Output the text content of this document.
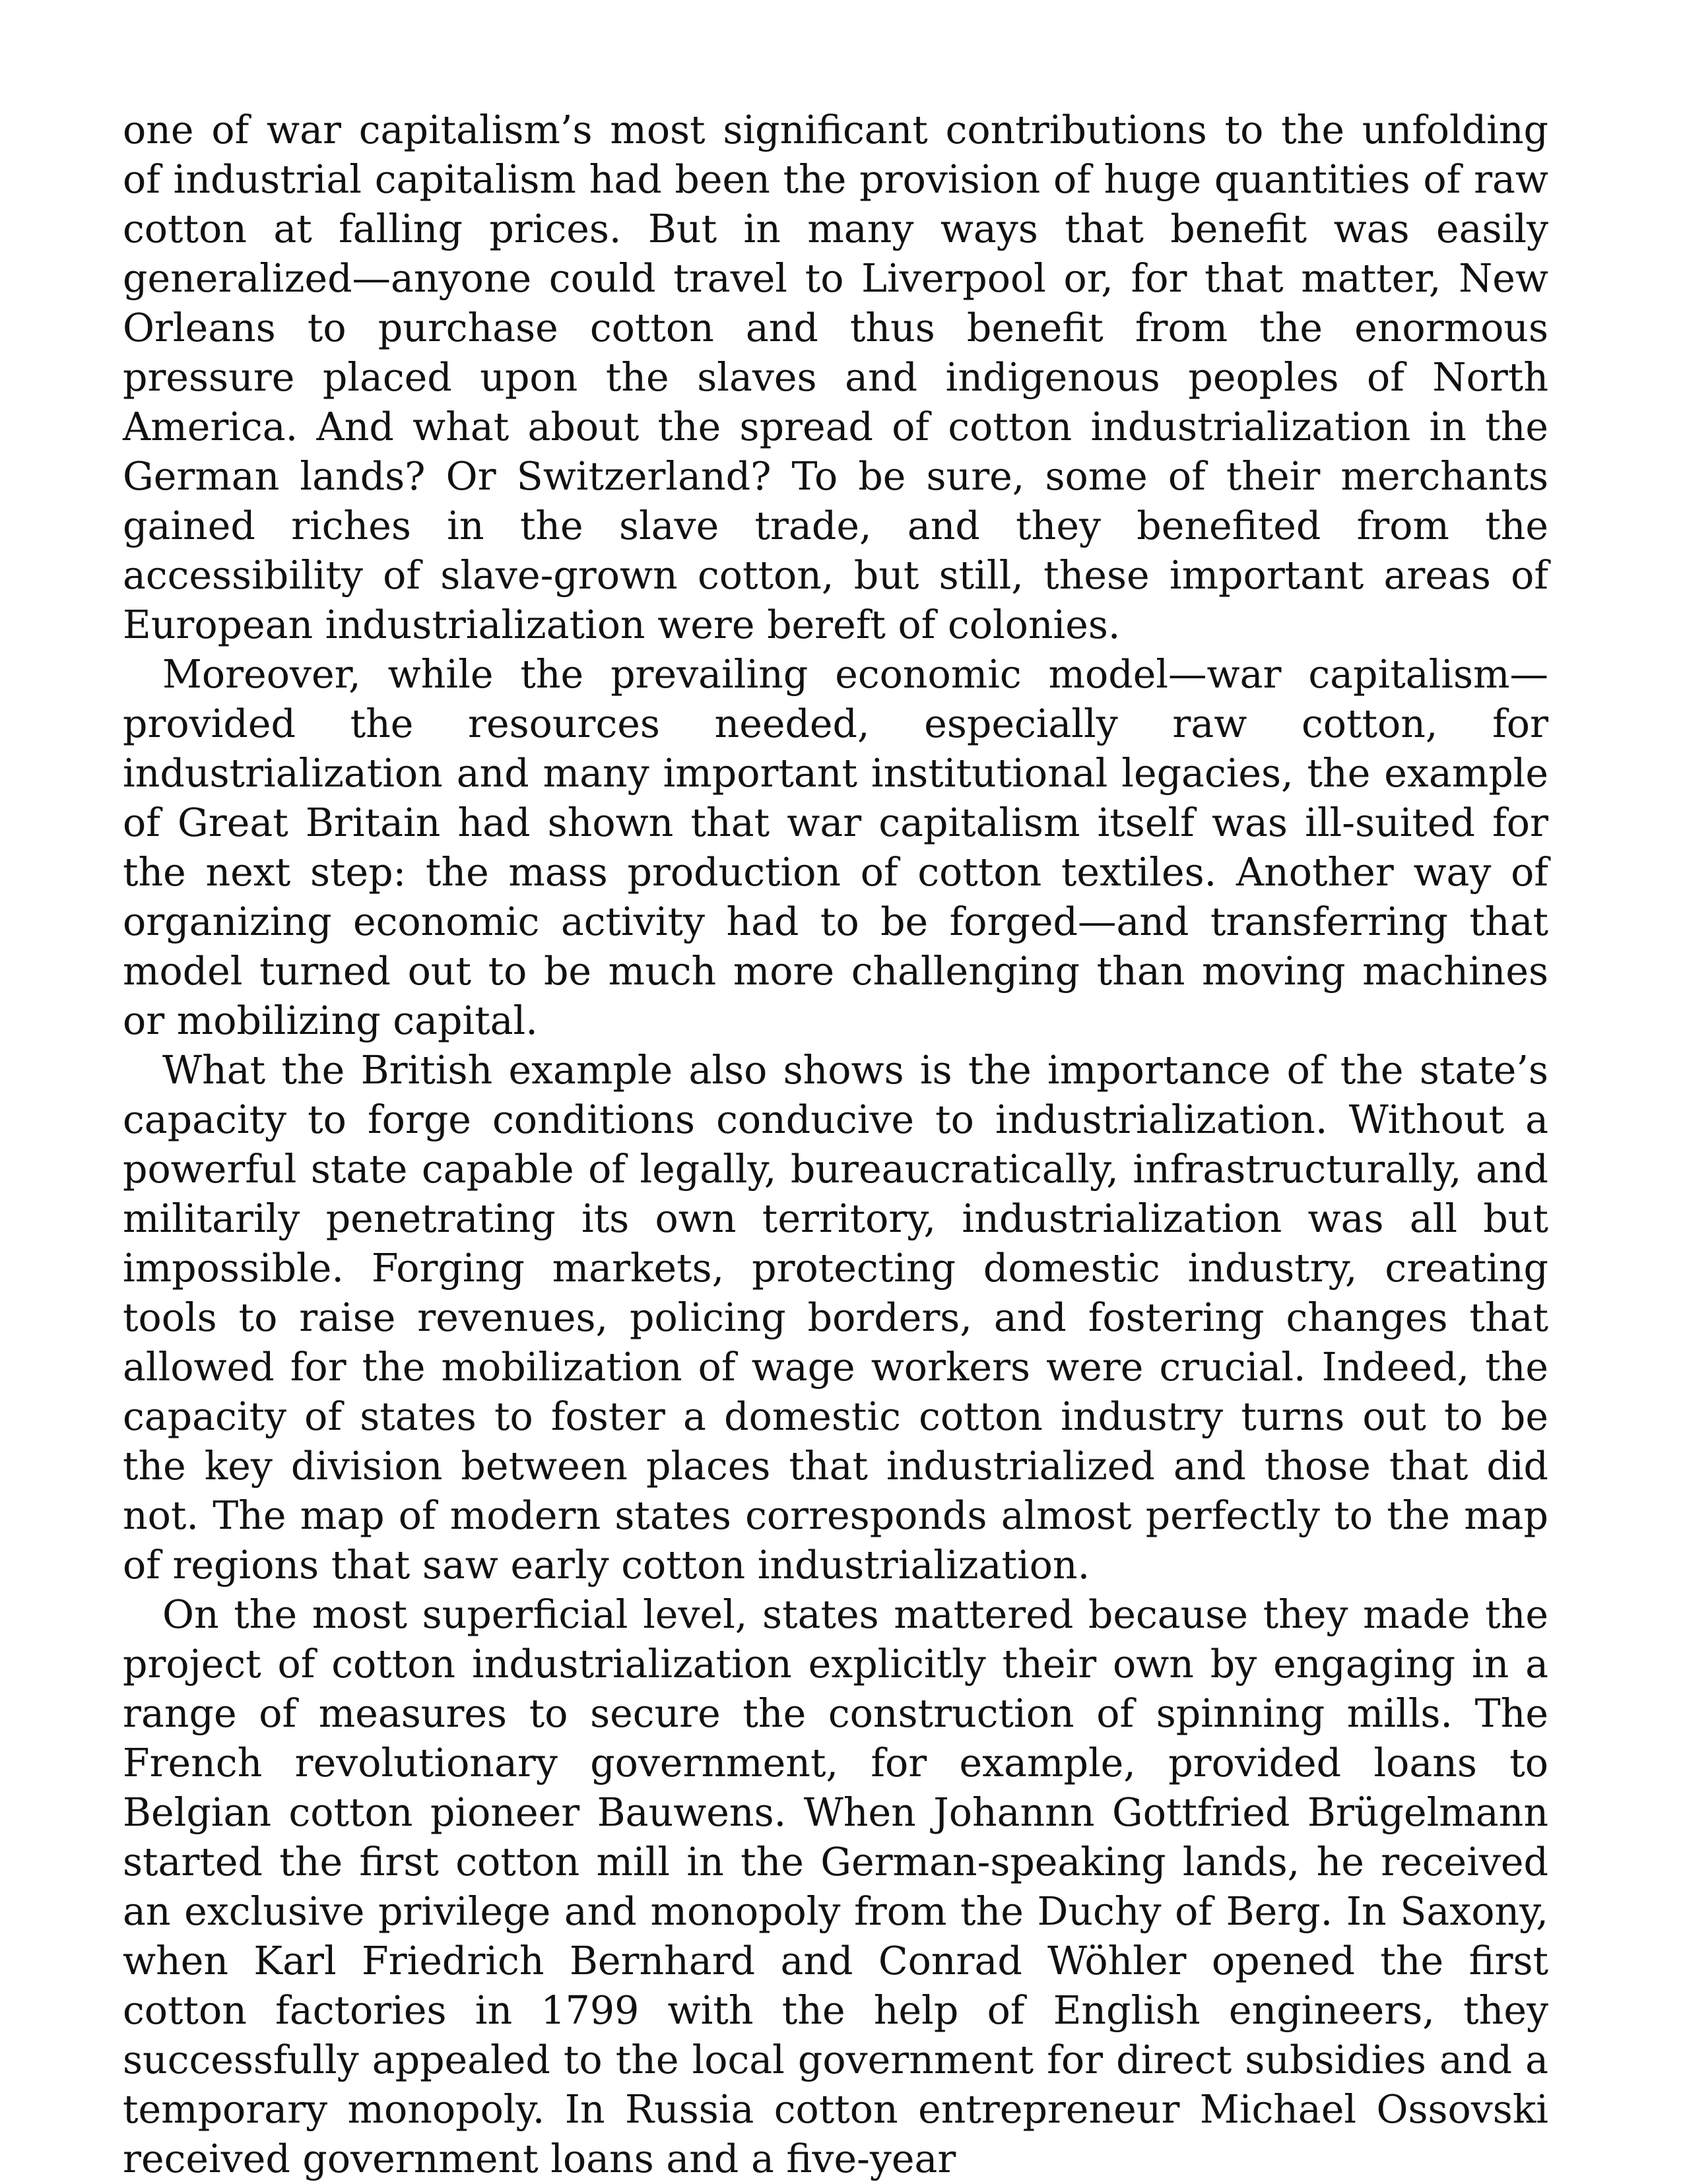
one of war capitalism’s most significant contributions to the unfolding of industrial capitalism had been the provision of huge quantities of raw cotton at falling prices. But in many ways that benefit was easily generalized—anyone could travel to Liverpool or, for that matter, New Orleans to purchase cotton and thus benefit from the enormous pressure placed upon the slaves and indigenous peoples of North America. And what about the spread of cotton industrialization in the German lands? Or Switzerland? To be sure, some of their merchants gained riches in the slave trade, and they benefited from the accessibility of slave-grown cotton, but still, these important areas of European industrialization were bereft of colonies.

Moreover, while the prevailing economic model—war capitalism—provided the resources needed, especially raw cotton, for industrialization and many important institutional legacies, the example of Great Britain had shown that war capitalism itself was ill-suited for the next step: the mass production of cotton textiles. Another way of organizing economic activity had to be forged—and transferring that model turned out to be much more challenging than moving machines or mobilizing capital.

What the British example also shows is the importance of the state’s capacity to forge conditions conducive to industrialization. Without a powerful state capable of legally, bureaucratically, infrastructurally, and militarily penetrating its own territory, industrialization was all but impossible. Forging markets, protecting domestic industry, creating tools to raise revenues, policing borders, and fostering changes that allowed for the mobilization of wage workers were crucial. Indeed, the capacity of states to foster a domestic cotton industry turns out to be the key division between places that industrialized and those that did not. The map of modern states corresponds almost perfectly to the map of regions that saw early cotton industrialization.

On the most superficial level, states mattered because they made the project of cotton industrialization explicitly their own by engaging in a range of measures to secure the construction of spinning mills. The French revolutionary government, for example, provided loans to Belgian cotton pioneer Bauwens. When Johannn Gottfried Brügelmann started the first cotton mill in the German-speaking lands, he received an exclusive privilege and monopoly from the Duchy of Berg. In Saxony, when Karl Friedrich Bernhard and Conrad Wöhler opened the first cotton factories in 1799 with the help of English engineers, they successfully appealed to the local government for direct subsidies and a temporary monopoly. In Russia cotton entrepreneur Michael Ossovski received government loans and a five-year
